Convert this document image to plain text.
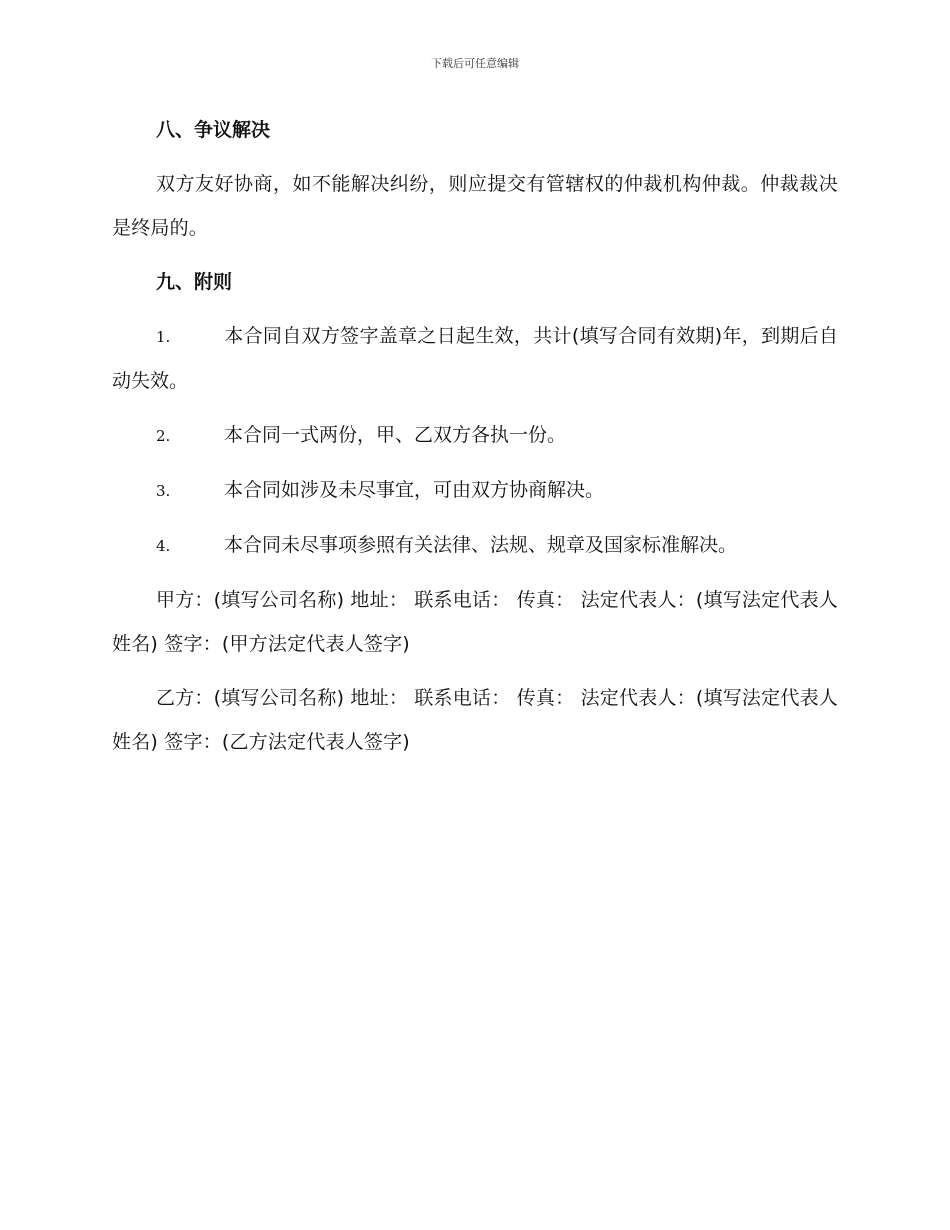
下载后可任意编辑
八、争议解决
双方友好协商，如不能解决纠纷，则应提交有管辖权的仲裁机构仲裁。仲裁裁决是终局的。
九、附则
1.	本合同自双方签字盖章之日起生效，共计(填写合同有效期)年，到期后自动失效。
2.	本合同一式两份，甲、乙双方各执一份。
3.	本合同如涉及未尽事宜，可由双方协商解决。
4.	本合同未尽事项参照有关法律、法规、规章及国家标准解决。
甲方：(填写公司名称) 地址： 联系电话： 传真： 法定代表人：(填写法定代表人姓名) 签字：(甲方法定代表人签字)
乙方：(填写公司名称) 地址： 联系电话： 传真： 法定代表人：(填写法定代表人姓名) 签字：(乙方法定代表人签字)
